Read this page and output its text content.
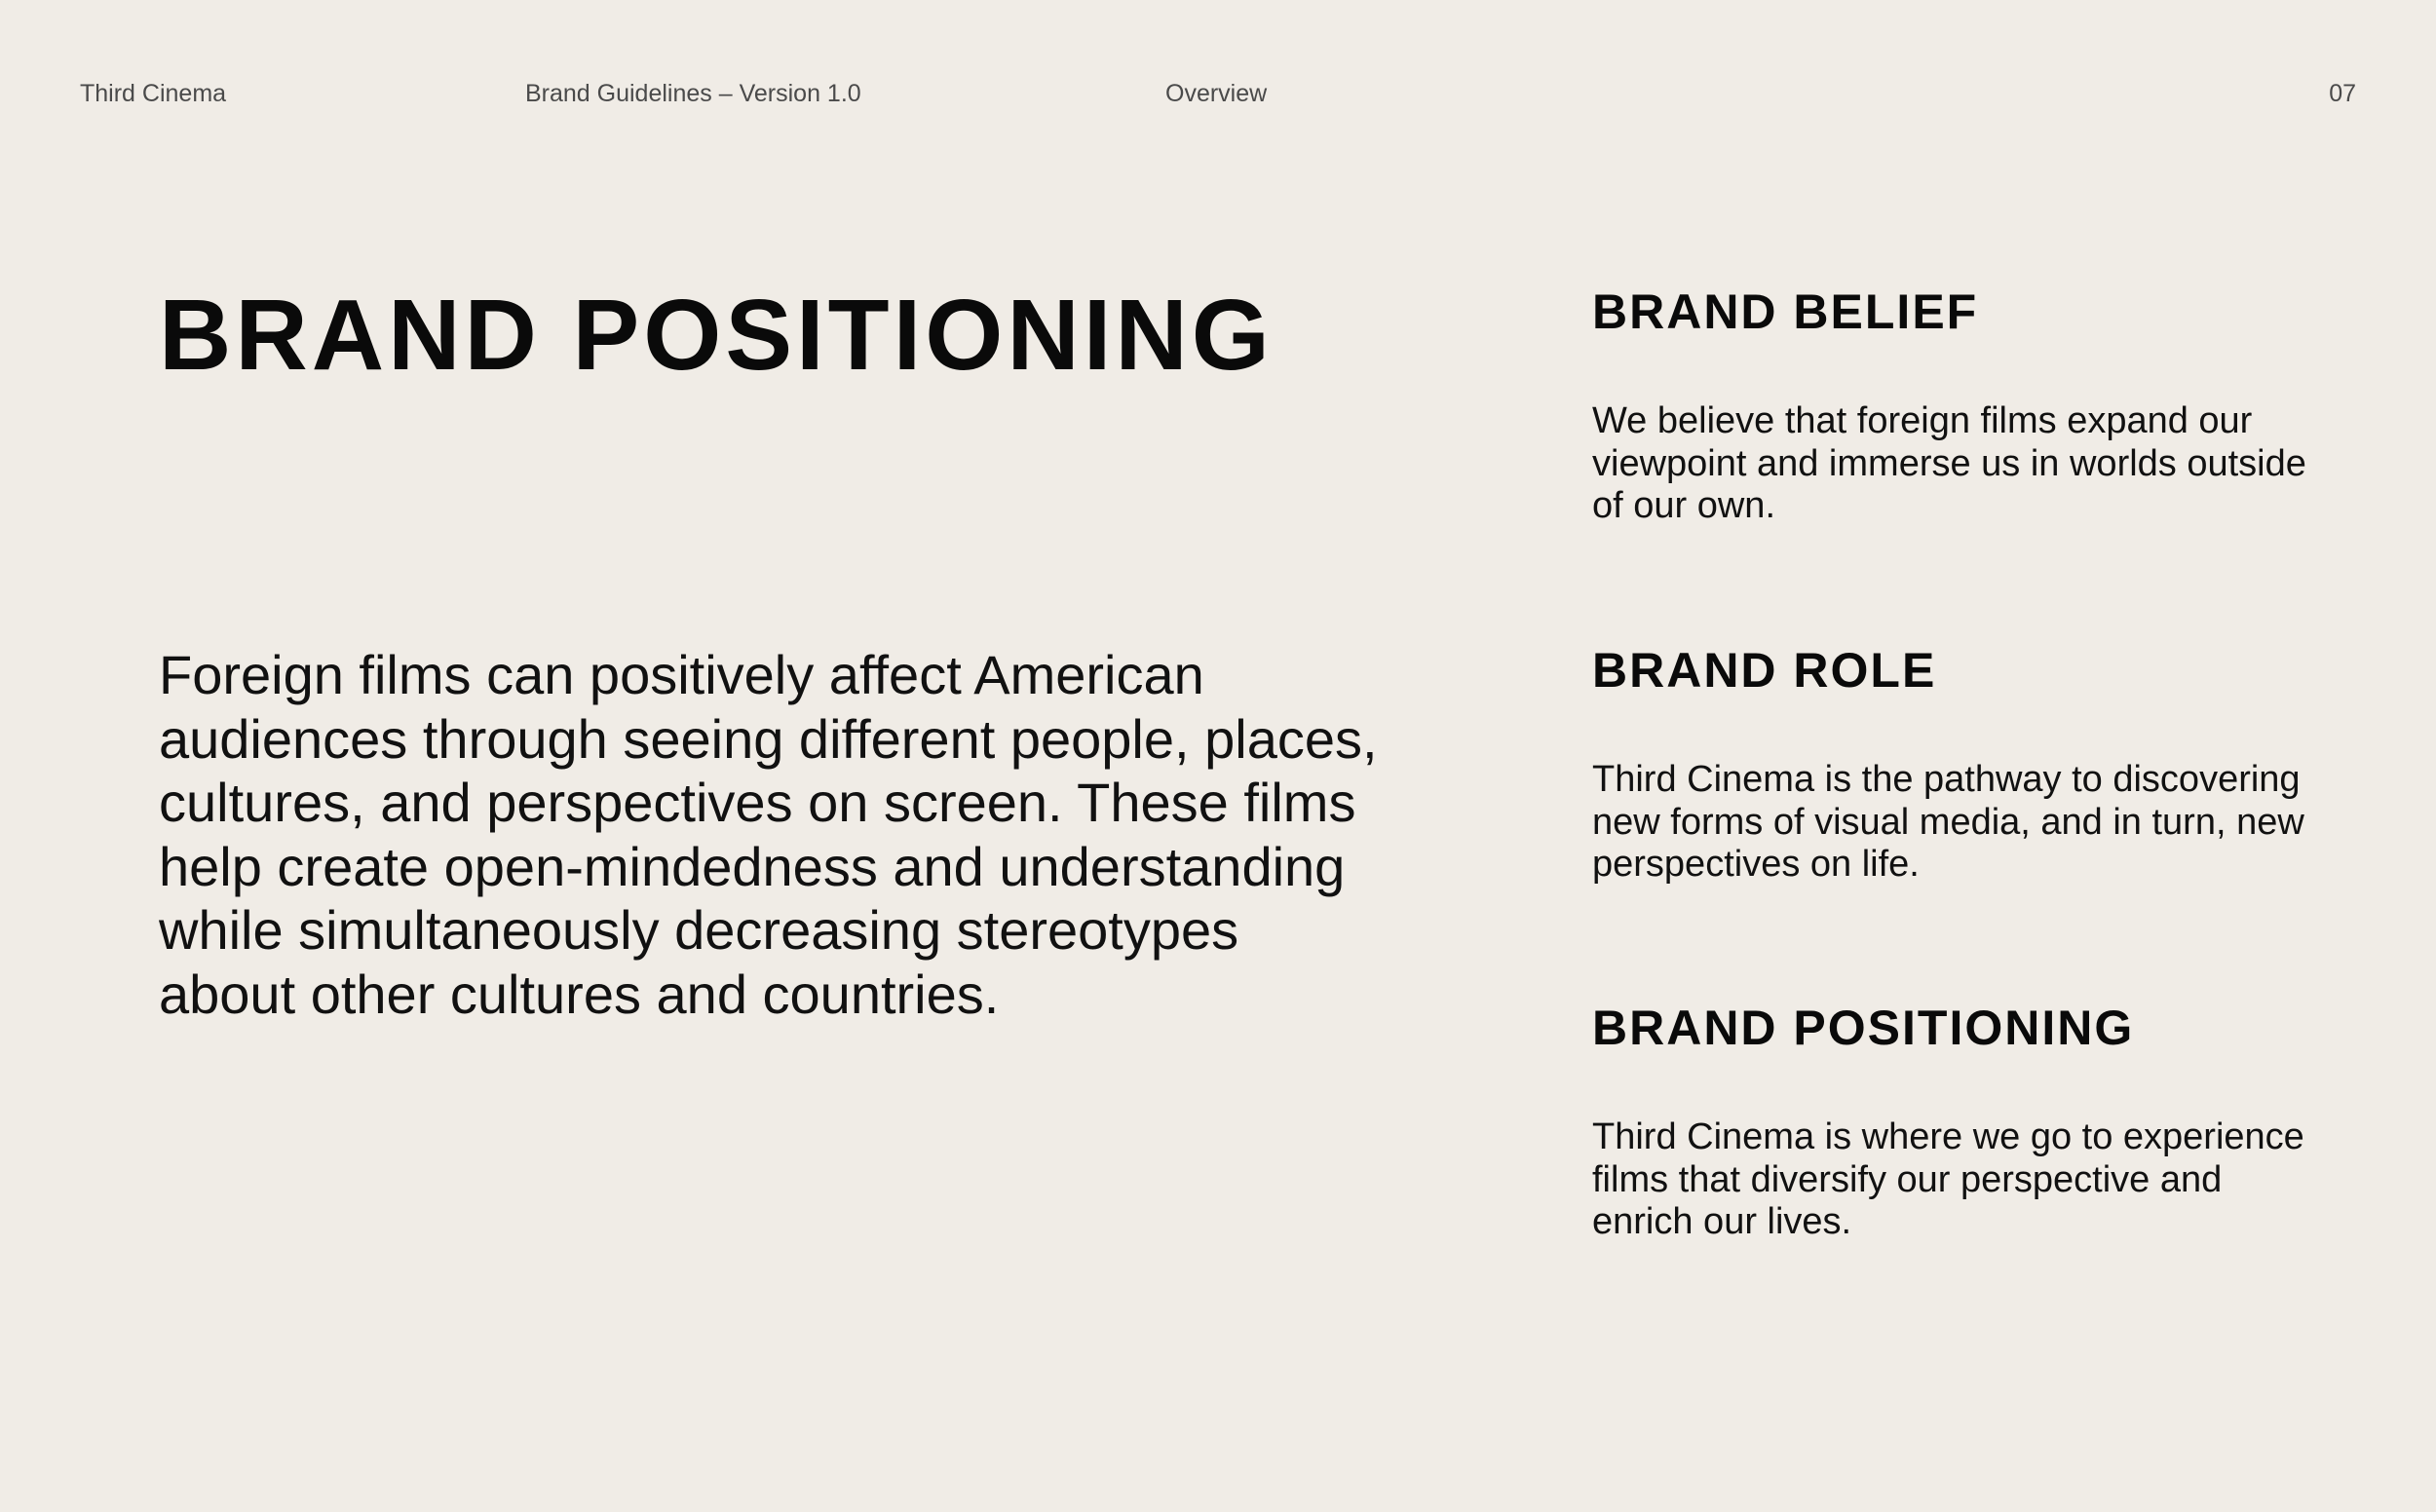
Third Cinema	Brand Guidelines – Version 1.0	Overview	07
BRAND POSITIONING

Foreign films can positively affect American audiences through seeing different people, places, cultures, and perspectives on screen. These films help create open-mindedness and understanding while simultaneously decreasing stereotypes about other cultures and countries.

BRAND BELIEF

We believe that foreign films expand our viewpoint and immerse us in worlds outside of our own.

BRAND ROLE

Third Cinema is the pathway to discovering new forms of visual media, and in turn, new perspectives on life.

BRAND POSITIONING

Third Cinema is where we go to experience films that diversify our perspective and enrich our lives.
